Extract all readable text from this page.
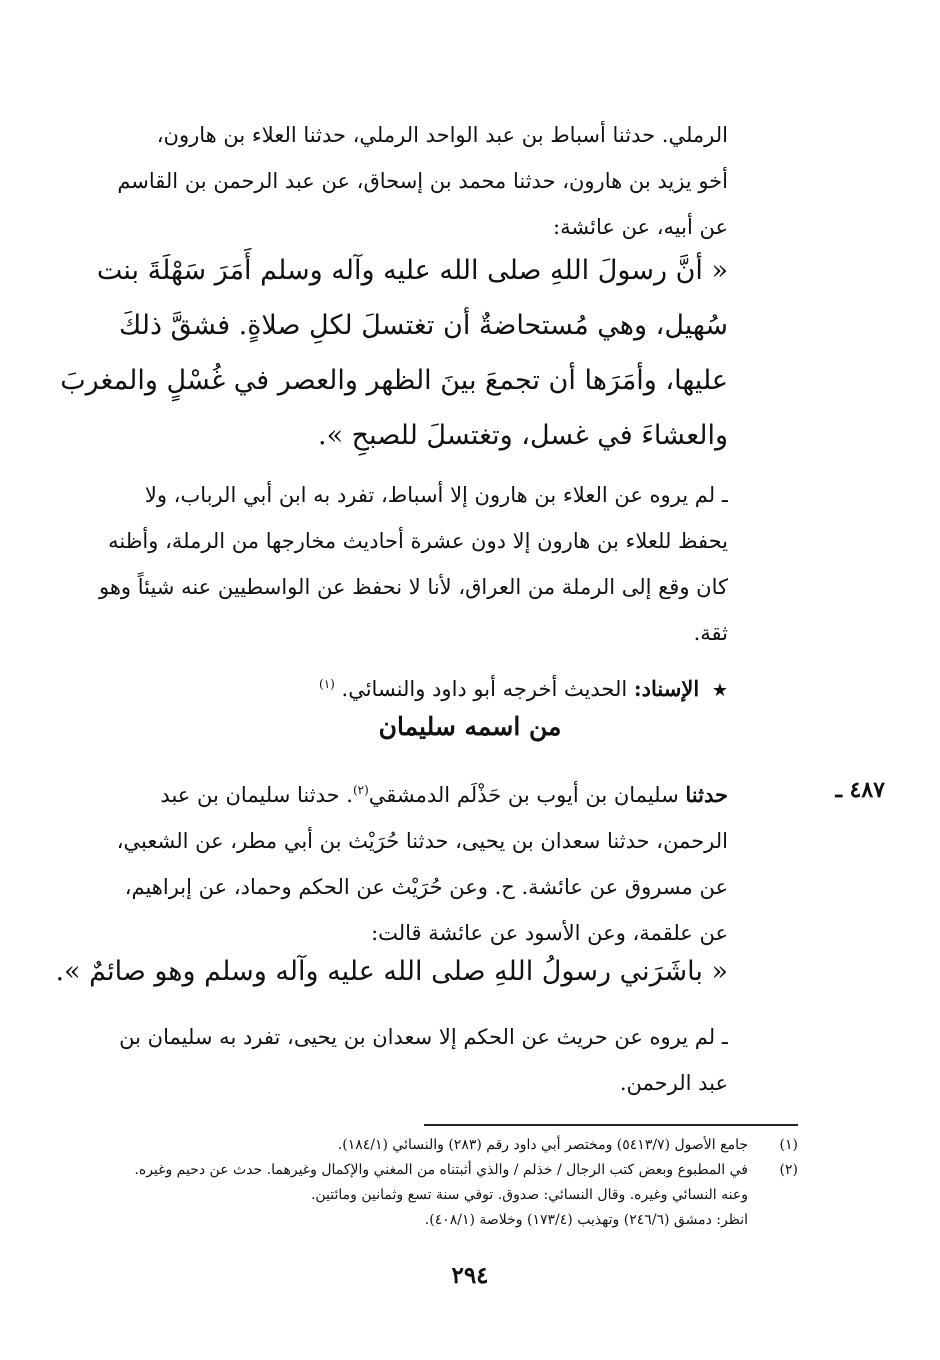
الرملي. حدثنا أسباط بن عبد الواحد الرملي، حدثنا العلاء بن هارون،
أخو يزيد بن هارون، حدثنا محمد بن إسحاق، عن عبد الرحمن بن القاسم
عن أبيه، عن عائشة:
« أنَّ رسولَ اللهِ صلى الله عليه وآله وسلم أَمَرَ سَهْلَةَ بنت
سُهيل، وهي مُستحاضةٌ أن تغتسلَ لكلِ صلاةٍ. فشقَّ ذلكَ
عليها، وأمَرَها أن تجمعَ بينَ الظهر والعصر في غُسْلٍ والمغربَ
والعشاءَ في غسل، وتغتسلَ للصبحِ ».
ـ لم يروه عن العلاء بن هارون إلا أسباط، تفرد به ابن أبي الرباب، ولا
يحفظ للعلاء بن هارون إلا دون عشرة أحاديث مخارجها من الرملة، وأظنه
كان وقع إلى الرملة من العراق، لأنا لا نحفظ عن الواسطيين عنه شيئاً وهو
ثقة.
★ الإسناد: الحديث أخرجه أبو داود والنسائي. $^{(١)}$
من اسمه سليمان
٤٨٧ ـ
حدثنا سليمان بن أيوب بن حَذْلَم الدمشقي$^{(٢)}$. حدثنا سليمان بن عبد
الرحمن، حدثنا سعدان بن يحيى، حدثنا حُرَيْث بن أبي مطر، عن الشعبي،
عن مسروق عن عائشة. ح. وعن حُرَيْث عن الحكم وحماد، عن إبراهيم،
عن علقمة، وعن الأسود عن عائشة قالت:
« باشَرَني رسولُ اللهِ صلى الله عليه وآله وسلم وهو صائمٌ ».
ـ لم يروه عن حريث عن الحكم إلا سعدان بن يحيى، تفرد به سليمان بن
عبد الرحمن.
(١)
جامع الأصول (٥٤١٣/٧) ومختصر أبي داود رقم (٢٨٣) والنسائي (١٨٤/١).
(٢)
في المطبوع وبعض كتب الرجال / خذلم / والذي أثبتناه من المغني والإكمال وغيرهما. حدث عن دحيم وغيره.
وعنه النسائي وغيره. وقال النسائي: صدوق. توفي سنة تسع وثمانين ومائتين.
انظر: دمشق (٢٤٦/٦) وتهذيب (١٧٣/٤) وخلاصة (٤٠٨/١).
٢٩٤
